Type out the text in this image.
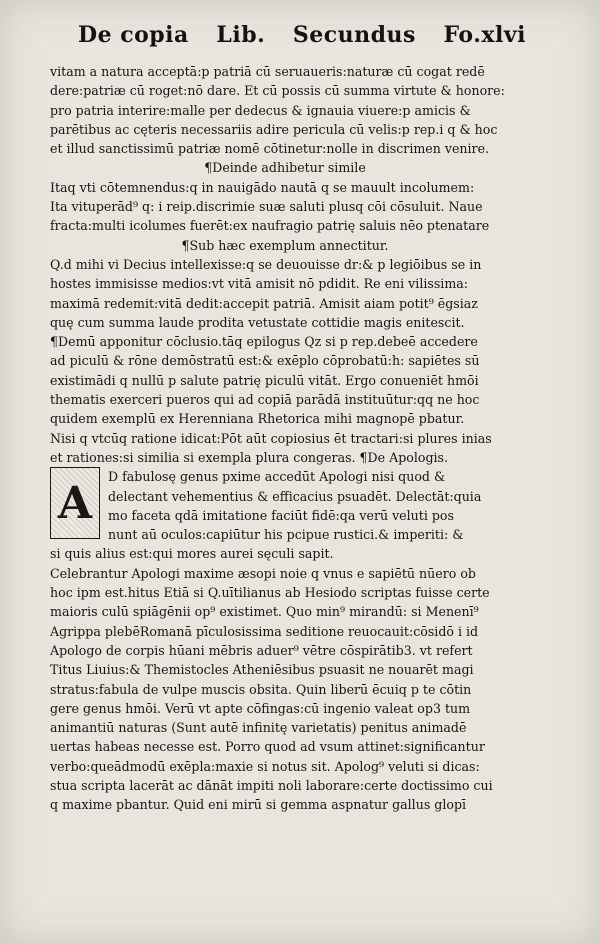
De copia Lib. Secundus Fo.xlvi
vitam a natura acceptā:p patriā cū seruaueris:naturæ cū cogat redē
dere:patriæ cū roget:nō dare. Et cū possis cū summa virtute & honore:
pro patria interire:malle per dedecus & ignauia viuere:p amicis &
parētibus ac cęteris necessariis adire pericula cū velis:p rep.i q & hoc
et illud sanctissimū patriæ nomē cōtinetur:nolle in discrimen venire.
¶Deinde adhibetur simile
Itaq vti cōtemnendus:q in nauigādo nautā q se mauult incolumem:
Ita vituperād⁹ q: i reip.discrimie suæ saluti plusq cōi cōsuluit. Naue
fracta:multi icolumes fuerēt:ex naufragio patrię saluis nēo ptenatare
¶Sub hæc exemplum annectitur.
Q.d mihi vi Decius intellexisse:q se deuouisse dr:& p legiōibus se in
hostes immisisse medios:vt vitā amisit nō pdidit. Re eni vilissima:
maximā redemit:vitā dedit:accepit patriā. Amisit aiam potit⁹ ēgsiaz
quę cum summa laude prodita vetustate cottidie magis enitescit.
¶Demū apponitur cōclusio.tāq epilogus Qz si p rep.debeē accedere
ad piculū & rōne demōstratū est:& exēplo cōprobatū:h: sapiētes sū
existimādi q nullū p salute patrię piculū vitāt. Ergo conueniēt hmōi
thematis exerceri pueros qui ad copiā parādā instituūtur:qq ne hoc
quidem exemplū ex Herenniana Rhetorica mihi magnopē pbatur.
Nisi q vtcūq ratione idicat:Pōt aūt copiosius ēt tractari:si plures inias
et rationes:si similia si exempla plura congeras. ¶De Apologis.
A
D fabulosę genus pxime accedūt Apologi nisi quod &
delectant vehementius & efficacius psuadēt. Delectāt:quia
mo faceta qdā imitatione faciūt fidē:qa verū veluti pos
nunt aū oculos:capiūtur his pcipue rustici.& imperiti: &
si quis alius est:qui mores aurei sęculi sapit.
Celebrantur Apologi maxime æsopi noie q vnus e sapiētū nūero ob
hoc ipm est.hitus Etiā si Q.uītilianus ab Hesiodo scriptas fuisse certe
maioris culū spiāgēnii op⁹ existimet. Quo min⁹ mirandū: si Menenī⁹
Agrippa plebēRomanā pīculosissima seditione reuocauit:cōsidō i id
Apologo de corpis hūani mēbris aduer⁹ vētre cōspirātib3. vt refert
Titus Liuius:& Themistocles Atheniēsibus psuasit ne nouarēt magi
stratus:fabula de vulpe muscis obsita. Quin liberū ēcuiq p te cōtin
gere genus hmōi. Verū vt apte cōfingas:cū ingenio valeat op3 tum
animantiū naturas (Sunt autē infinitę varietatis) penitus animadē
uertas habeas necesse est. Porro quod ad vsum attinet:significantur
verbo:queādmodū exēpla:maxie si notus sit. Apolog⁹ veluti si dicas:
stua scripta lacerāt ac dānāt impiti noli laborare:certe doctissimo cui
q maxime pbantur. Quid eni mirū si gemma aspnatur gallus glopī
